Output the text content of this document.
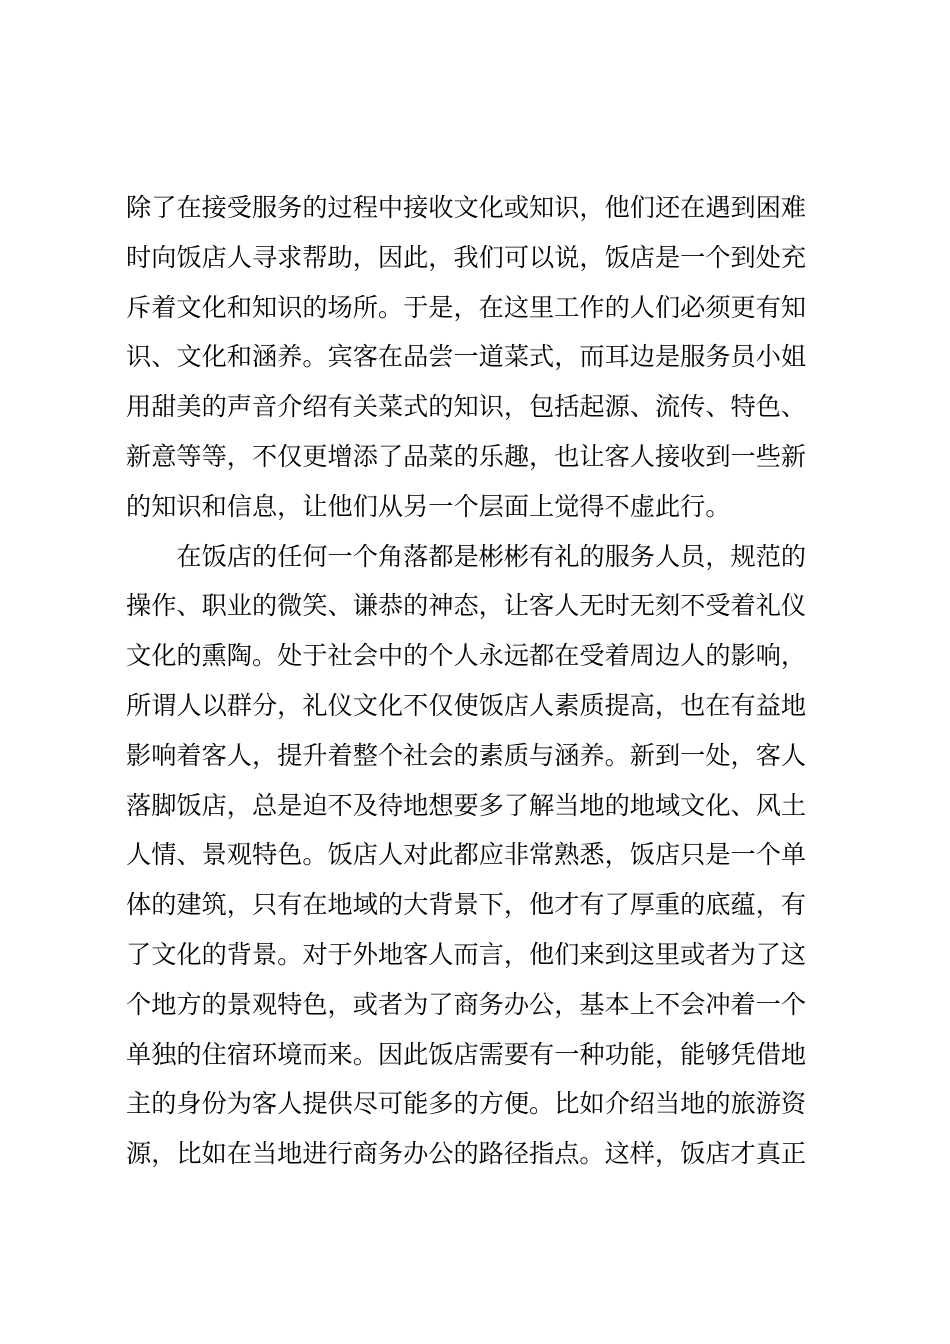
除了在接受服务的过程中接收文化或知识，他们还在遇到困难
时向饭店人寻求帮助，因此，我们可以说，饭店是一个到处充
斥着文化和知识的场所。于是，在这里工作的人们必须更有知
识、文化和涵养。宾客在品尝一道菜式，而耳边是服务员小姐
用甜美的声音介绍有关菜式的知识，包括起源、流传、特色、
新意等等，不仅更增添了品菜的乐趣，也让客人接收到一些新
的知识和信息，让他们从另一个层面上觉得不虚此行。
　　在饭店的任何一个角落都是彬彬有礼的服务人员，规范的
操作、职业的微笑、谦恭的神态，让客人无时无刻不受着礼仪
文化的熏陶。处于社会中的个人永远都在受着周边人的影响，
所谓人以群分，礼仪文化不仅使饭店人素质提高，也在有益地
影响着客人，提升着整个社会的素质与涵养。新到一处，客人
落脚饭店，总是迫不及待地想要多了解当地的地域文化、风土
人情、景观特色。饭店人对此都应非常熟悉，饭店只是一个单
体的建筑，只有在地域的大背景下，他才有了厚重的底蕴，有
了文化的背景。对于外地客人而言，他们来到这里或者为了这
个地方的景观特色，或者为了商务办公，基本上不会冲着一个
单独的住宿环境而来。因此饭店需要有一种功能，能够凭借地
主的身份为客人提供尽可能多的方便。比如介绍当地的旅游资
源，比如在当地进行商务办公的路径指点。这样，饭店才真正
